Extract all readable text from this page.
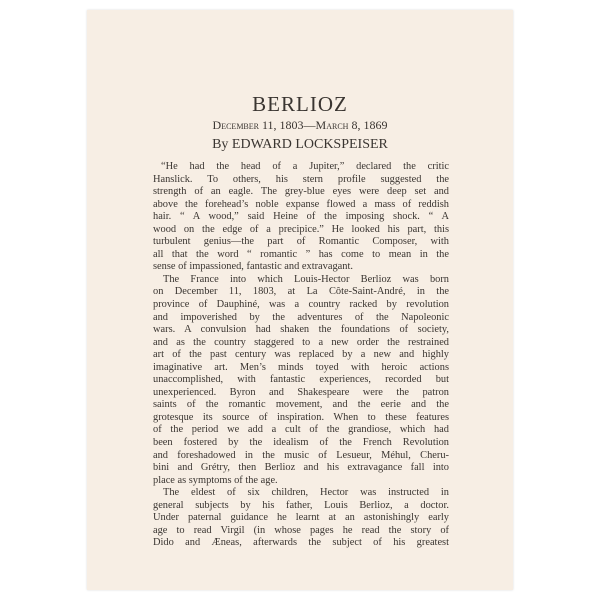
BERLIOZ
December 11, 1803—March 8, 1869
By EDWARD LOCKSPEISER
“He had the head of a Jupiter,” declared the critic
Hanslick. To others, his stern profile suggested the
strength of an eagle. The grey-blue eyes were deep set and
above the forehead’s noble expanse flowed a mass of reddish
hair. “ A wood,” said Heine of the imposing shock. “ A
wood on the edge of a precipice.” He looked his part, this
turbulent genius—the part of Romantic Composer, with
all that the word “ romantic ” has come to mean in the
sense of impassioned, fantastic and extravagant.
The France into which Louis-Hector Berlioz was born
on December 11, 1803, at La Côte-Saint-André, in the
province of Dauphiné, was a country racked by revolution
and impoverished by the adventures of the Napoleonic
wars. A convulsion had shaken the foundations of society,
and as the country staggered to a new order the restrained
art of the past century was replaced by a new and highly
imaginative art. Men’s minds toyed with heroic actions
unaccomplished, with fantastic experiences, recorded but
unexperienced. Byron and Shakespeare were the patron
saints of the romantic movement, and the eerie and the
grotesque its source of inspiration. When to these features
of the period we add a cult of the grandiose, which had
been fostered by the idealism of the French Revolution
and foreshadowed in the music of Lesueur, Méhul, Cheru-
bini and Grétry, then Berlioz and his extravagance fall into
place as symptoms of the age.
The eldest of six children, Hector was instructed in
general subjects by his father, Louis Berlioz, a doctor.
Under paternal guidance he learnt at an astonishingly early
age to read Virgil (in whose pages he read the story of
Dido and Æneas, afterwards the subject of his greatest
